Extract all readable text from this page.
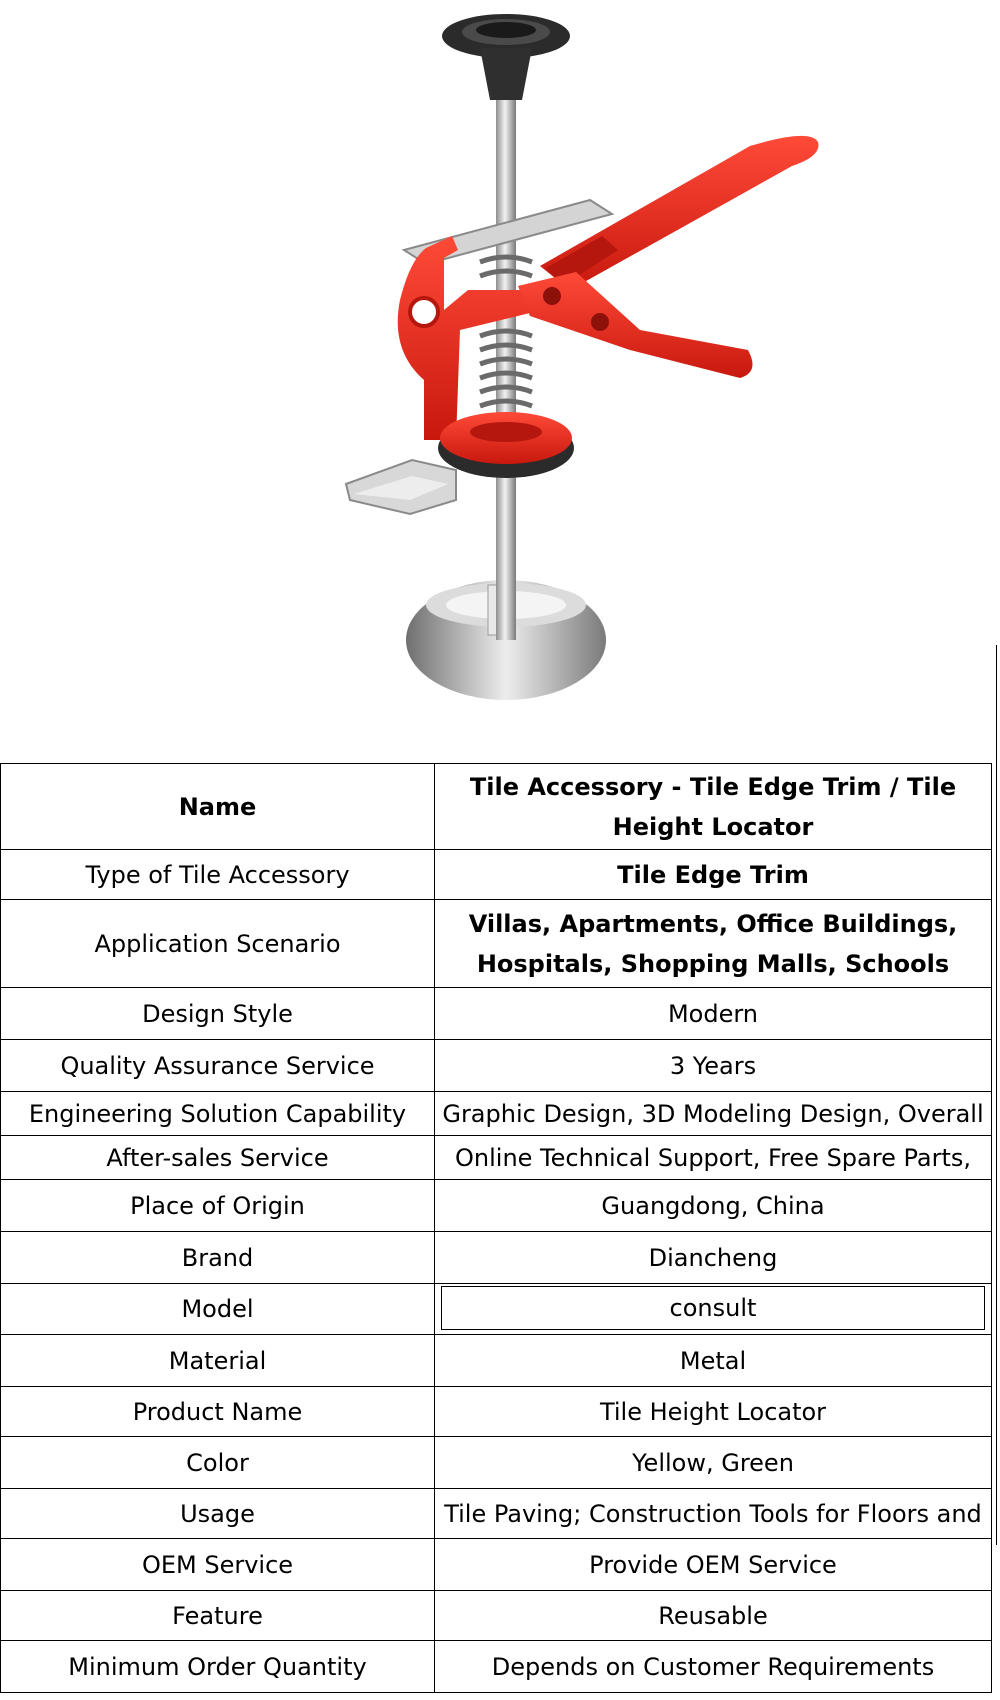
Name	Tile Accessory - Tile Edge Trim / Tile Height Locator
Type of Tile Accessory	Tile Edge Trim
Application Scenario	Villas, Apartments, Office Buildings, Hospitals, Shopping Malls, Schools
Design Style	Modern
Quality Assurance Service	3 Years
Engineering Solution Capability	Graphic Design, 3D Modeling Design, Overall
After-sales Service	Online Technical Support, Free Spare Parts,
Place of Origin	Guangdong, China
Brand	Diancheng
Model	consult

Material	Metal
Product Name	Tile Height Locator
Color	Yellow, Green
Usage	Tile Paving; Construction Tools for Floors and
OEM Service	Provide OEM Service
Feature	Reusable
Minimum Order Quantity	Depends on Customer Requirements
